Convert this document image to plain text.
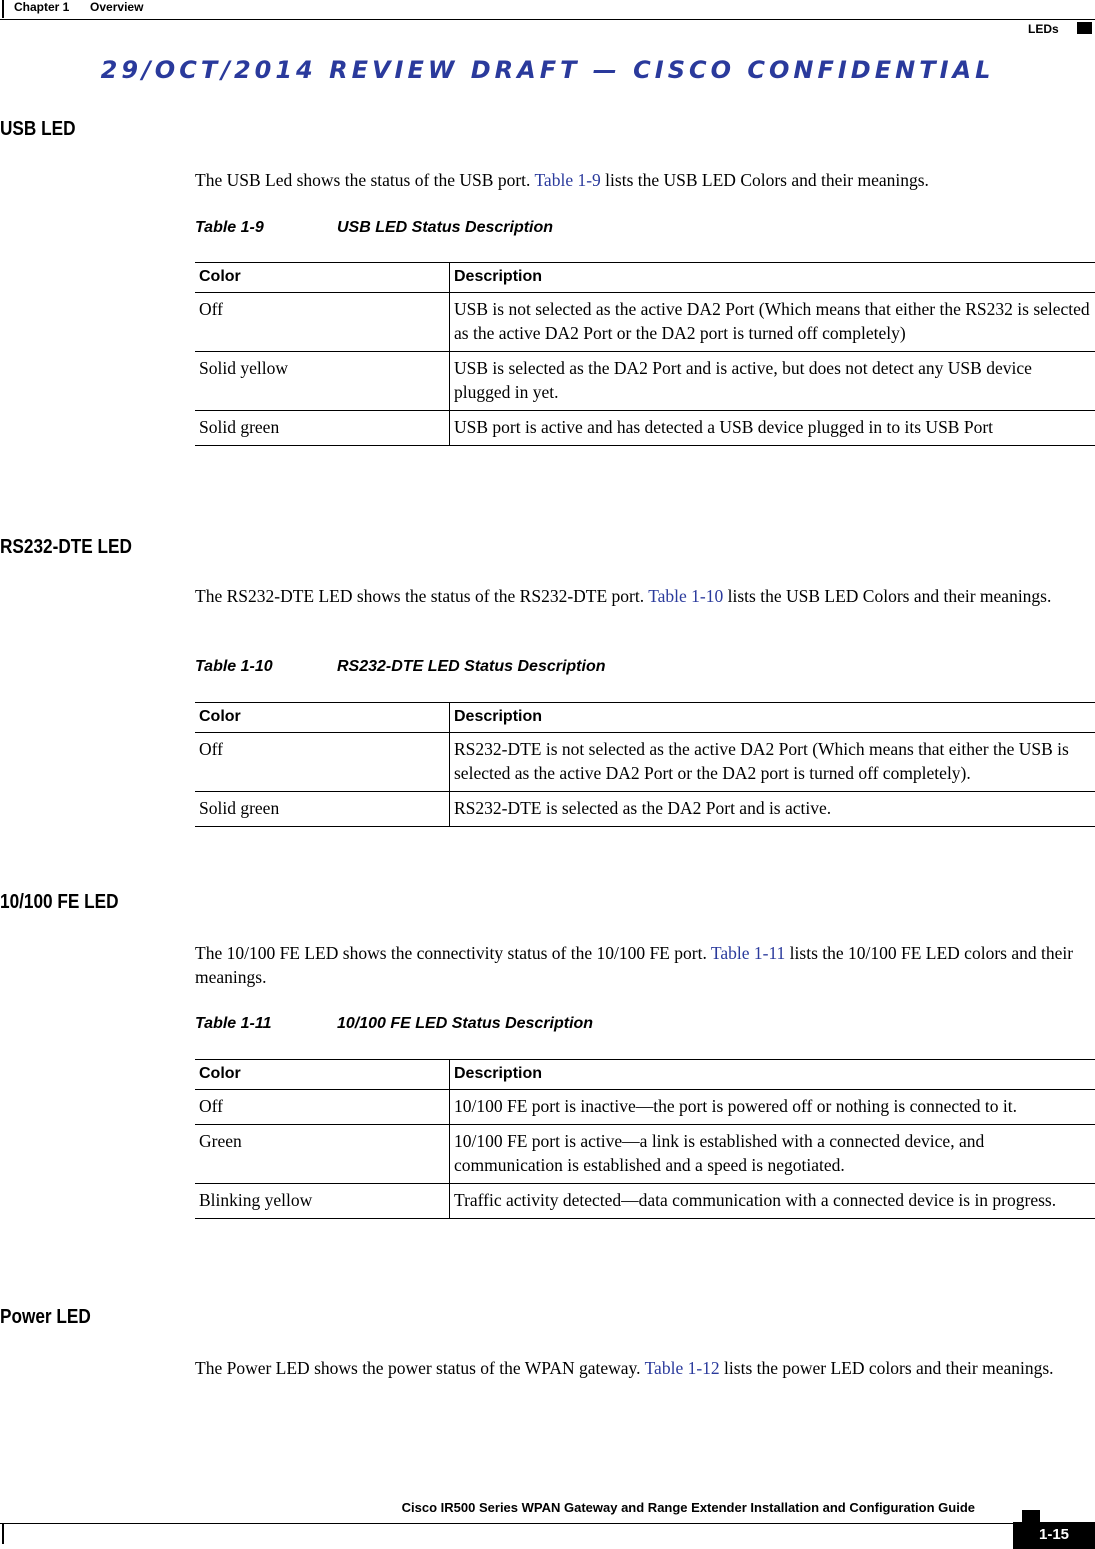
Chapter 1 Overview
LEDs
29/OCT/2014 REVIEW DRAFT — CISCO CONFIDENTIAL
USB LED
The USB Led shows the status of the USB port. Table 1-9 lists the USB LED Colors and their meanings.
Table 1-9	USB LED Status Description
Color	Description
Off	USB is not selected as the active DA2 Port (Which means that either the RS232 is selected as the active DA2 Port or the DA2 port is turned off completely)
Solid yellow	USB is selected as the DA2 Port and is active, but does not detect any USB device plugged in yet.
Solid green	USB port is active and has detected a USB device plugged in to its USB Port
RS232-DTE LED
The RS232-DTE LED shows the status of the RS232-DTE port. Table 1-10 lists the USB LED Colors and their meanings.
Table 1-10	RS232-DTE LED Status Description
Color	Description
Off	RS232-DTE is not selected as the active DA2 Port (Which means that either the USB is selected as the active DA2 Port or the DA2 port is turned off completely).
Solid green	RS232-DTE is selected as the DA2 Port and is active.
10/100 FE LED
The 10/100 FE LED shows the connectivity status of the 10/100 FE port. Table 1-11 lists the 10/100 FE LED colors and their meanings.
Table 1-11	10/100 FE LED Status Description
Color	Description
Off	10/100 FE port is inactive—the port is powered off or nothing is connected to it.
Green	10/100 FE port is active—a link is established with a connected device, and communication is established and a speed is negotiated.
Blinking yellow	Traffic activity detected—data communication with a connected device is in progress.
Power LED
The Power LED shows the power status of the WPAN gateway. Table 1-12 lists the power LED colors and their meanings.
Cisco IR500 Series WPAN Gateway and Range Extender Installation and Configuration Guide
1-15
